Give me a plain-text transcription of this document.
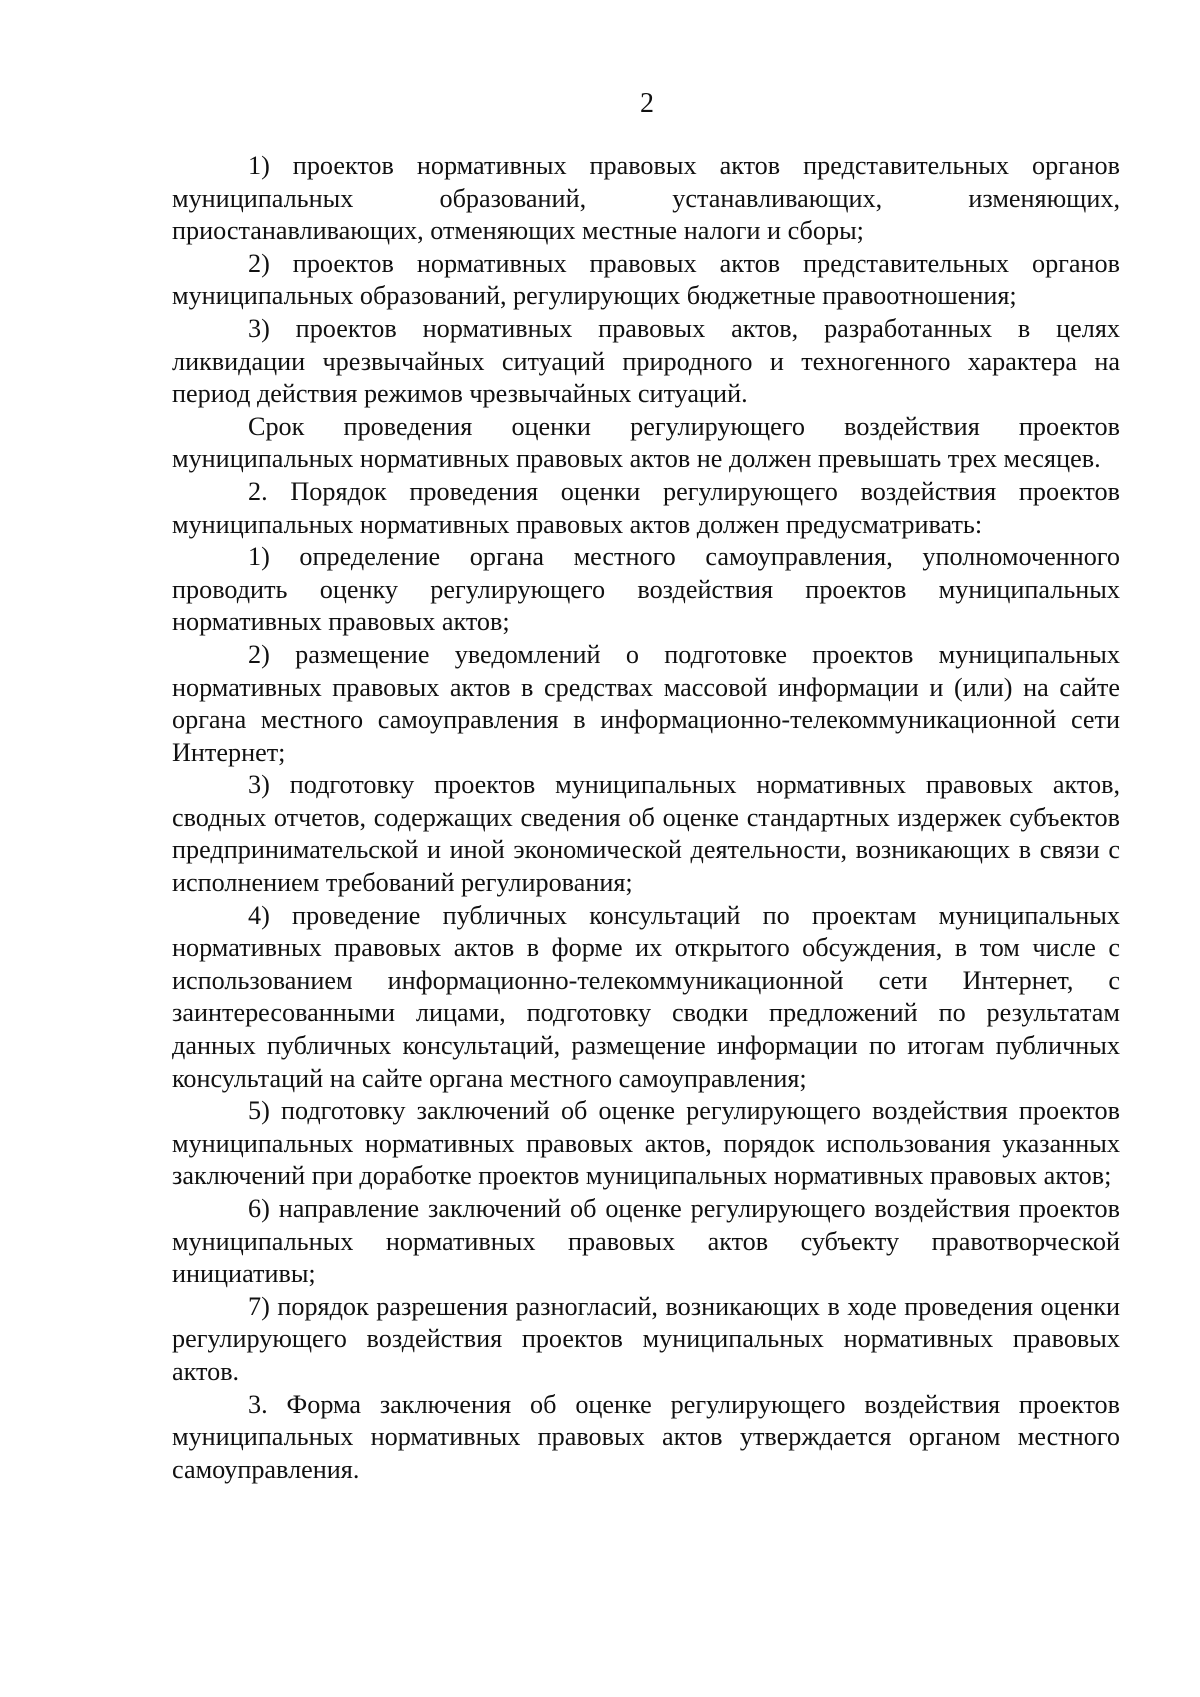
2

1) проектов нормативных правовых актов представительных органов муниципальных образований, устанавливающих, изменяющих, приостанавливающих, отменяющих местные налоги и сборы;

2) проектов нормативных правовых актов представительных органов муниципальных образований, регулирующих бюджетные правоотношения;

3) проектов нормативных правовых актов, разработанных в целях ликвидации чрезвычайных ситуаций природного и техногенного характера на период действия режимов чрезвычайных ситуаций.

Срок проведения оценки регулирующего воздействия проектов муниципальных нормативных правовых актов не должен превышать трех месяцев.

2. Порядок проведения оценки регулирующего воздействия проектов муниципальных нормативных правовых актов должен предусматривать:

1) определение органа местного самоуправления, уполномоченного проводить оценку регулирующего воздействия проектов муниципальных нормативных правовых актов;

2) размещение уведомлений о подготовке проектов муниципальных нормативных правовых актов в средствах массовой информации и (или) на сайте органа местного самоуправления в информационно-телекоммуникационной сети Интернет;

3) подготовку проектов муниципальных нормативных правовых актов, сводных отчетов, содержащих сведения об оценке стандартных издержек субъектов предпринимательской и иной экономической деятельности, возникающих в связи с исполнением требований регулирования;

4) проведение публичных консультаций по проектам муниципальных нормативных правовых актов в форме их открытого обсуждения, в том числе с использованием информационно-телекоммуникационной сети Интернет, с заинтересованными лицами, подготовку сводки предложений по результатам данных публичных консультаций, размещение информации по итогам публичных консультаций на сайте органа местного самоуправления;

5) подготовку заключений об оценке регулирующего воздействия проектов муниципальных нормативных правовых актов, порядок использования указанных заключений при доработке проектов муниципальных нормативных правовых актов;

6) направление заключений об оценке регулирующего воздействия проектов муниципальных нормативных правовых актов субъекту правотворческой инициативы;

7) порядок разрешения разногласий, возникающих в ходе проведения оценки регулирующего воздействия проектов муниципальных нормативных правовых актов.

3. Форма заключения об оценке регулирующего воздействия проектов муниципальных нормативных правовых актов утверждается органом местного самоуправления.
